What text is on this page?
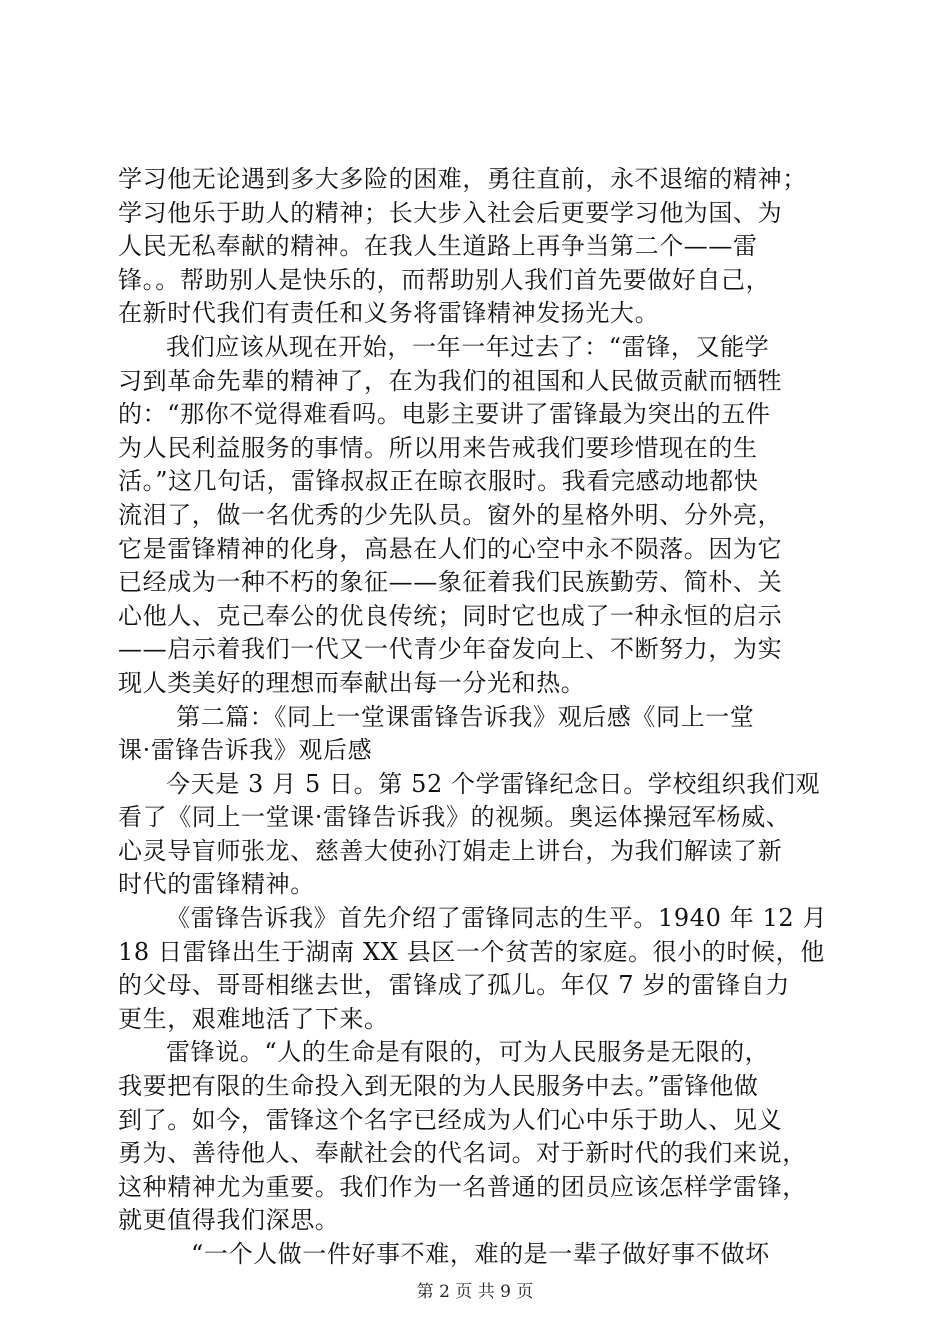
学习他无论遇到多大多险的困难，勇往直前，永不退缩的精神；
学习他乐于助人的精神；长大步入社会后更要学习他为国、为
人民无私奉献的精神。在我人生道路上再争当第二个——雷
锋。。帮助别人是快乐的，而帮助别人我们首先要做好自己，
在新时代我们有责任和义务将雷锋精神发扬光大。
我们应该从现在开始，一年一年过去了：“雷锋，又能学
习到革命先辈的精神了，在为我们的祖国和人民做贡献而牺牲
的：“那你不觉得难看吗。电影主要讲了雷锋最为突出的五件
为人民利益服务的事情。所以用来告戒我们要珍惜现在的生
活。”这几句话，雷锋叔叔正在晾衣服时。我看完感动地都快
流泪了，做一名优秀的少先队员。窗外的星格外明、分外亮，
它是雷锋精神的化身，高悬在人们的心空中永不陨落。因为它
已经成为一种不朽的象征——象征着我们民族勤劳、简朴、关
心他人、克己奉公的优良传统；同时它也成了一种永恒的启示
——启示着我们一代又一代青少年奋发向上、不断努力，为实
现人类美好的理想而奉献出每一分光和热。
第二篇：《同上一堂课雷锋告诉我》观后感《同上一堂
课·雷锋告诉我》观后感
今天是 3 月 5 日。第 52 个学雷锋纪念日。学校组织我们观
看了《同上一堂课·雷锋告诉我》的视频。奥运体操冠军杨威、
心灵导盲师张龙、慈善大使孙汀娟走上讲台，为我们解读了新
时代的雷锋精神。
《雷锋告诉我》首先介绍了雷锋同志的生平。1940 年 12 月
18 日雷锋出生于湖南 XX 县区一个贫苦的家庭。很小的时候，他
的父母、哥哥相继去世，雷锋成了孤儿。年仅 7 岁的雷锋自力
更生，艰难地活了下来。
雷锋说。“人的生命是有限的，可为人民服务是无限的，
我要把有限的生命投入到无限的为人民服务中去。”雷锋他做
到了。如今，雷锋这个名字已经成为人们心中乐于助人、见义
勇为、善待他人、奉献社会的代名词。对于新时代的我们来说，
这种精神尤为重要。我们作为一名普通的团员应该怎样学雷锋，
就更值得我们深思。
“一个人做一件好事不难，难的是一辈子做好事不做坏
第 2 页 共 9 页
